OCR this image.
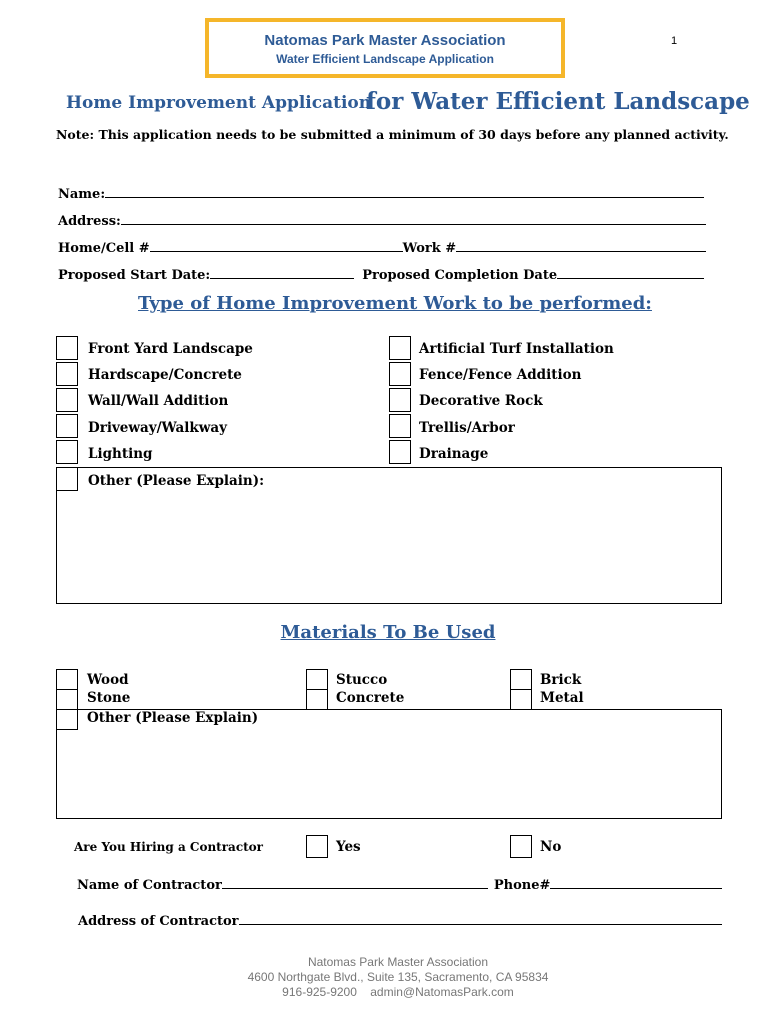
Natomas Park Master Association
Water Efficient Landscape Application
1
Home Improvement Application
for Water Efficient Landscape
Note: This application needs to be submitted a minimum of 30 days before any planned activity.
Name:
Address:
Home/Cell #	Work #
Proposed Start Date:	Proposed Completion Date
Type of Home Improvement Work to be performed:
Front Yard Landscape
Hardscape/Concrete
Wall/Wall Addition
Driveway/Walkway
Lighting
Artificial Turf Installation
Fence/Fence Addition
Decorative Rock
Trellis/Arbor
Drainage
Other (Please Explain):
Materials To Be Used
Wood
Stone
Stucco
Concrete
Brick
Metal
Other (Please Explain)
Are You Hiring a Contractor	Yes	No
Name of Contractor	Phone#
Address of Contractor
Natomas Park Master Association
4600 Northgate Blvd., Suite 135, Sacramento, CA 95834
916-925-9200    admin@NatomasPark.com
